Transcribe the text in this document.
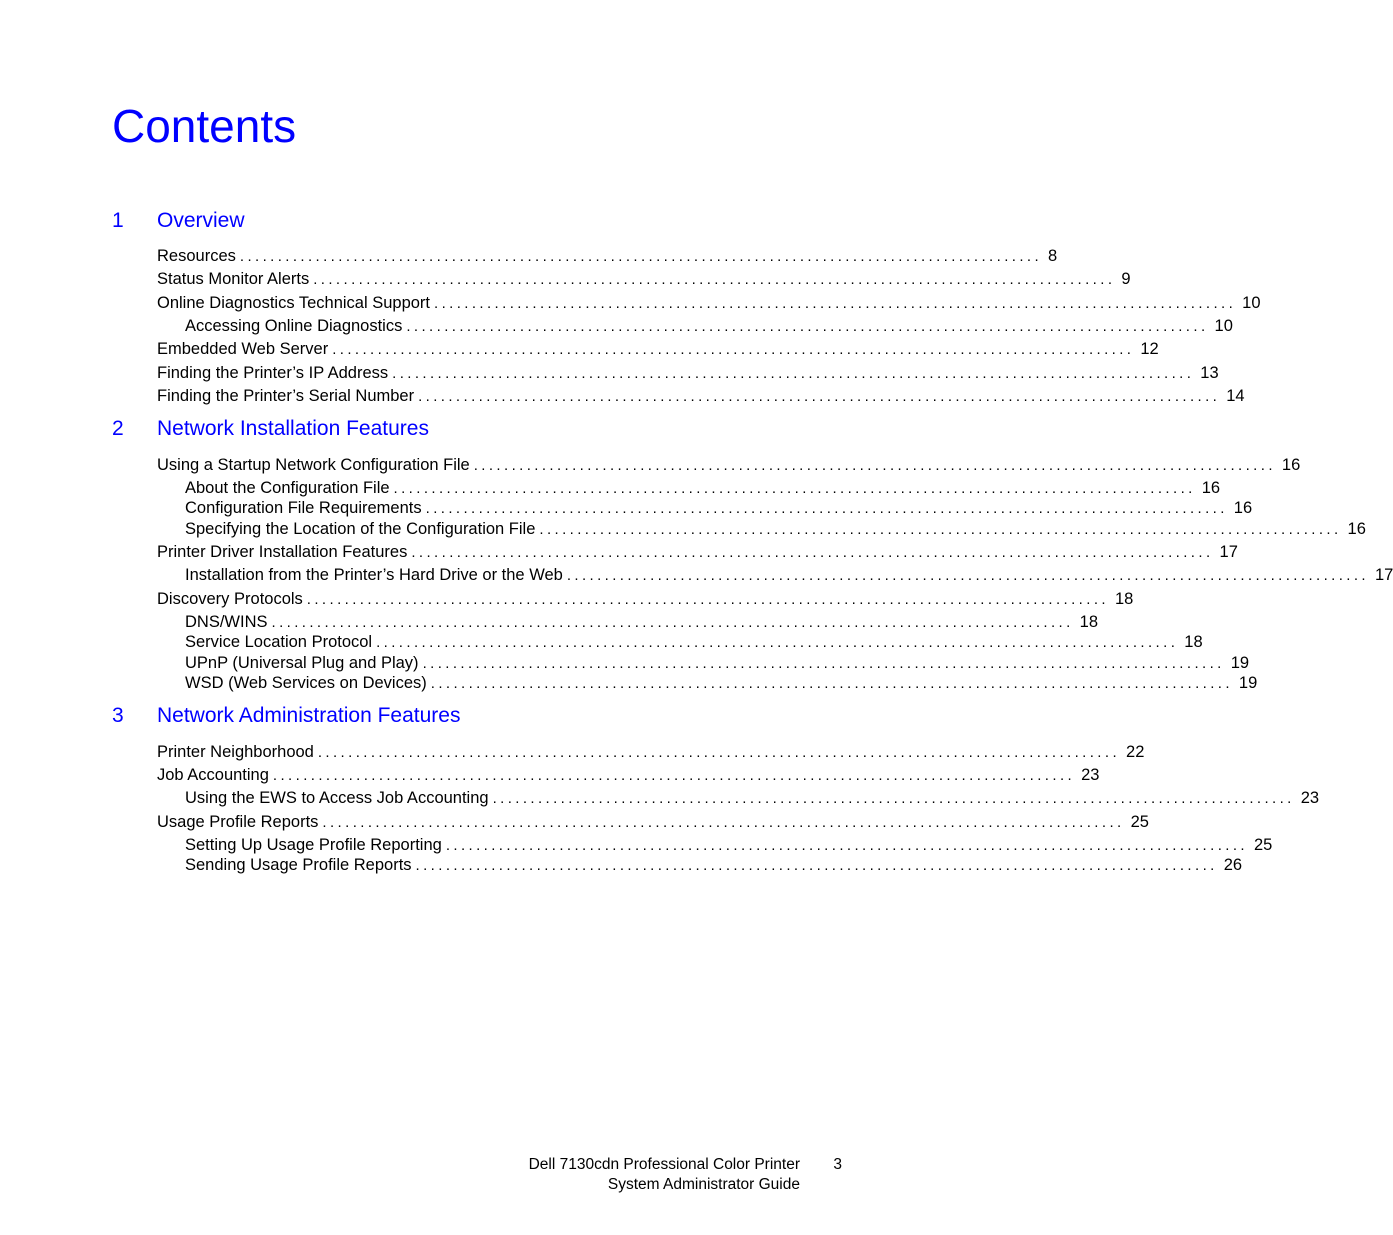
Contents
1 Overview
Resources .......................................................................................................... 8
Status Monitor Alerts .......................................................................................................... 9
Online Diagnostics Technical Support .......................................................................................................... 10
Accessing Online Diagnostics .......................................................................................................... 10
Embedded Web Server .......................................................................................................... 12
Finding the Printer’s IP Address .......................................................................................................... 13
Finding the Printer’s Serial Number .......................................................................................................... 14
2 Network Installation Features
Using a Startup Network Configuration File .......................................................................................................... 16
About the Configuration File .......................................................................................................... 16
Configuration File Requirements .......................................................................................................... 16
Specifying the Location of the Configuration File .......................................................................................................... 16
Printer Driver Installation Features .......................................................................................................... 17
Installation from the Printer’s Hard Drive or the Web .......................................................................................................... 17
Discovery Protocols .......................................................................................................... 18
DNS/WINS .......................................................................................................... 18
Service Location Protocol .......................................................................................................... 18
UPnP (Universal Plug and Play) .......................................................................................................... 19
WSD (Web Services on Devices) .......................................................................................................... 19
3 Network Administration Features
Printer Neighborhood .......................................................................................................... 22
Job Accounting .......................................................................................................... 23
Using the EWS to Access Job Accounting .......................................................................................................... 23
Usage Profile Reports .......................................................................................................... 25
Setting Up Usage Profile Reporting .......................................................................................................... 25
Sending Usage Profile Reports .......................................................................................................... 26
Dell 7130cdn Professional Color Printer
System Administrator Guide
3
